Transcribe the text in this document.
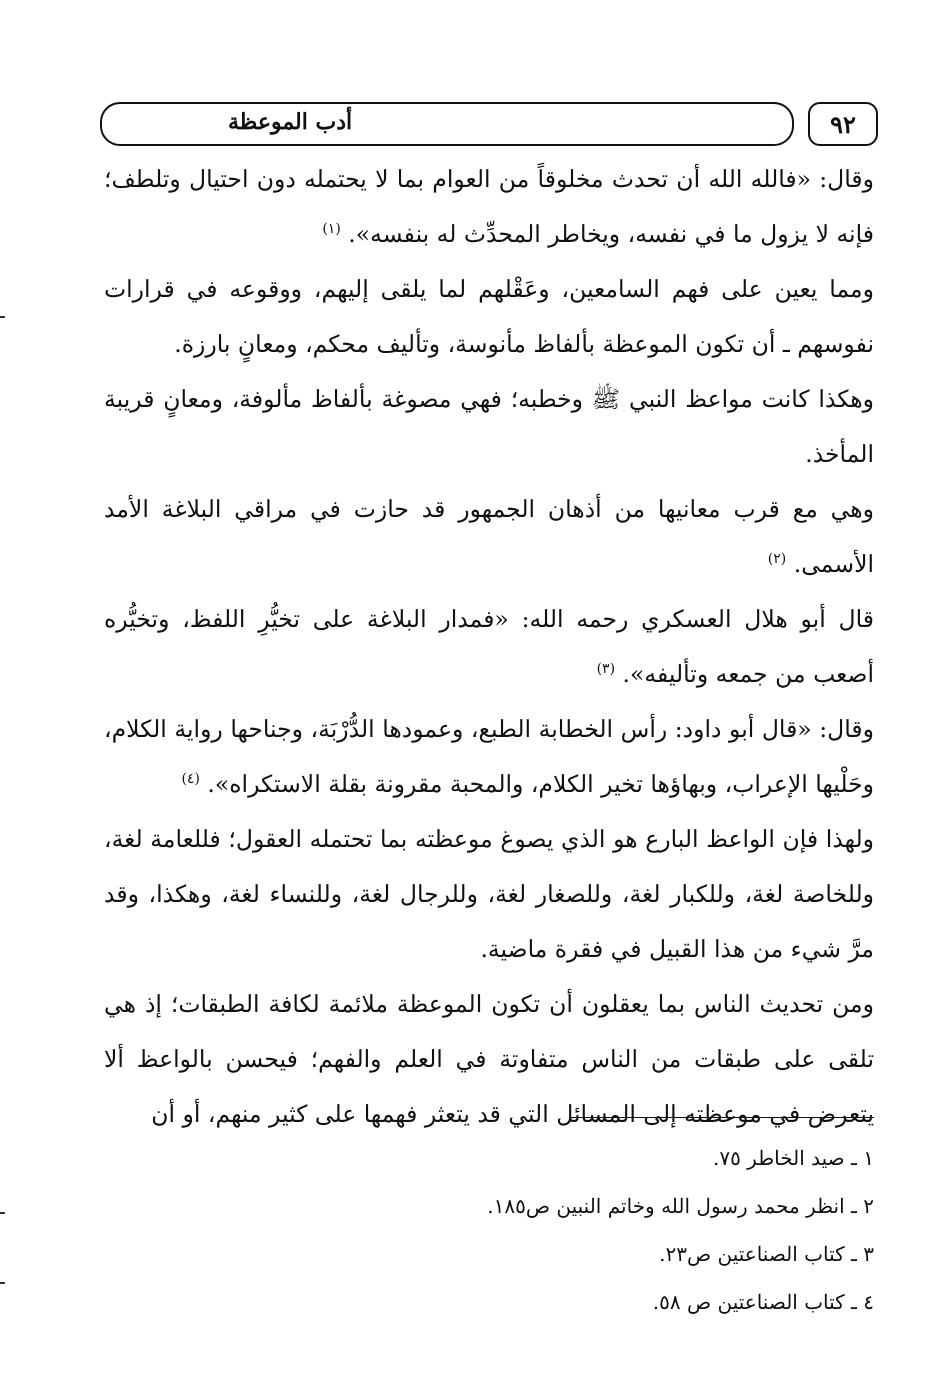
أدب الموعظة	٩٢

وقال: «فالله الله أن تحدث مخلوقاً من العوام بما لا يحتمله دون احتيال وتلطف؛ فإنه لا يزول ما في نفسه، ويخاطر المحدِّث له بنفسه». $^{(١)}$

ومما يعين على فهم السامعين، وعَقْلهم لما يلقى إليهم، ووقوعه في قرارات نفوسهم ـ أن تكون الموعظة بألفاظ مأنوسة، وتأليف محكم، ومعانٍ بارزة.

وهكذا كانت مواعظ النبي ﷺ وخطبه؛ فهي مصوغة بألفاظ مألوفة، ومعانٍ قريبة المأخذ.

وهي مع قرب معانيها من أذهان الجمهور قد حازت في مراقي البلاغة الأمد الأسمى. $^{(٢)}$

قال أبو هلال العسكري رحمه الله: «فمدار البلاغة على تخيُّرِ اللفظ، وتخيُّره أصعب من جمعه وتأليفه». $^{(٣)}$

وقال: «قال أبو داود: رأس الخطابة الطبع، وعمودها الدُّرْبَة، وجناحها رواية الكلام، وحَلْيها الإعراب، وبهاؤها تخير الكلام، والمحبة مقرونة بقلة الاستكراه». $^{(٤)}$

ولهذا فإن الواعظ البارع هو الذي يصوغ موعظته بما تحتمله العقول؛ فللعامة لغة، وللخاصة لغة، وللكبار لغة، وللصغار لغة، وللرجال لغة، وللنساء لغة، وهكذا، وقد مرَّ شيء من هذا القبيل في فقرة ماضية.

ومن تحديث الناس بما يعقلون أن تكون الموعظة ملائمة لكافة الطبقات؛ إذ هي تلقى على طبقات من الناس متفاوتة في العلم والفهم؛ فيحسن بالواعظ ألا يتعرض في موعظته إلى المسائل التي قد يتعثر فهمها على كثير منهم، أو أن

١ ـ صيد الخاطر ٧٥.

٢ ـ انظر محمد رسول الله وخاتم النبين ص١٨٥.

٣ ـ كتاب الصناعتين ص٢٣.

٤ ـ كتاب الصناعتين ص ٥٨.
